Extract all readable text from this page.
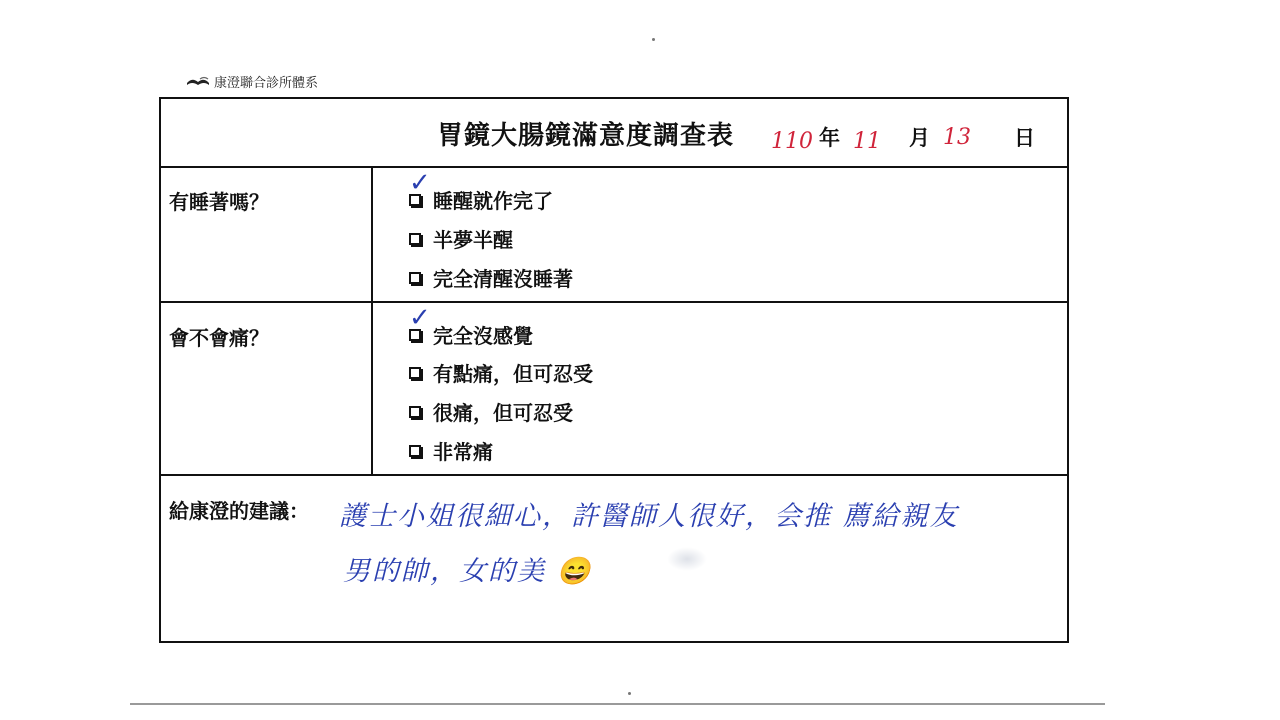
康澄聯合診所體系
胃鏡大腸鏡滿意度調查表 110 年 11 月 13 日
有睡著嗎？
✓
睡醒就作完了
半夢半醒
完全清醒沒睡著
會不會痛？
✓
完全沒感覺
有點痛，但可忍受
很痛，但可忍受
非常痛
給康澄的建議： 護士小姐很細心，許醫師人很好，会推 薦給親友
男的帥，女的美 😄
